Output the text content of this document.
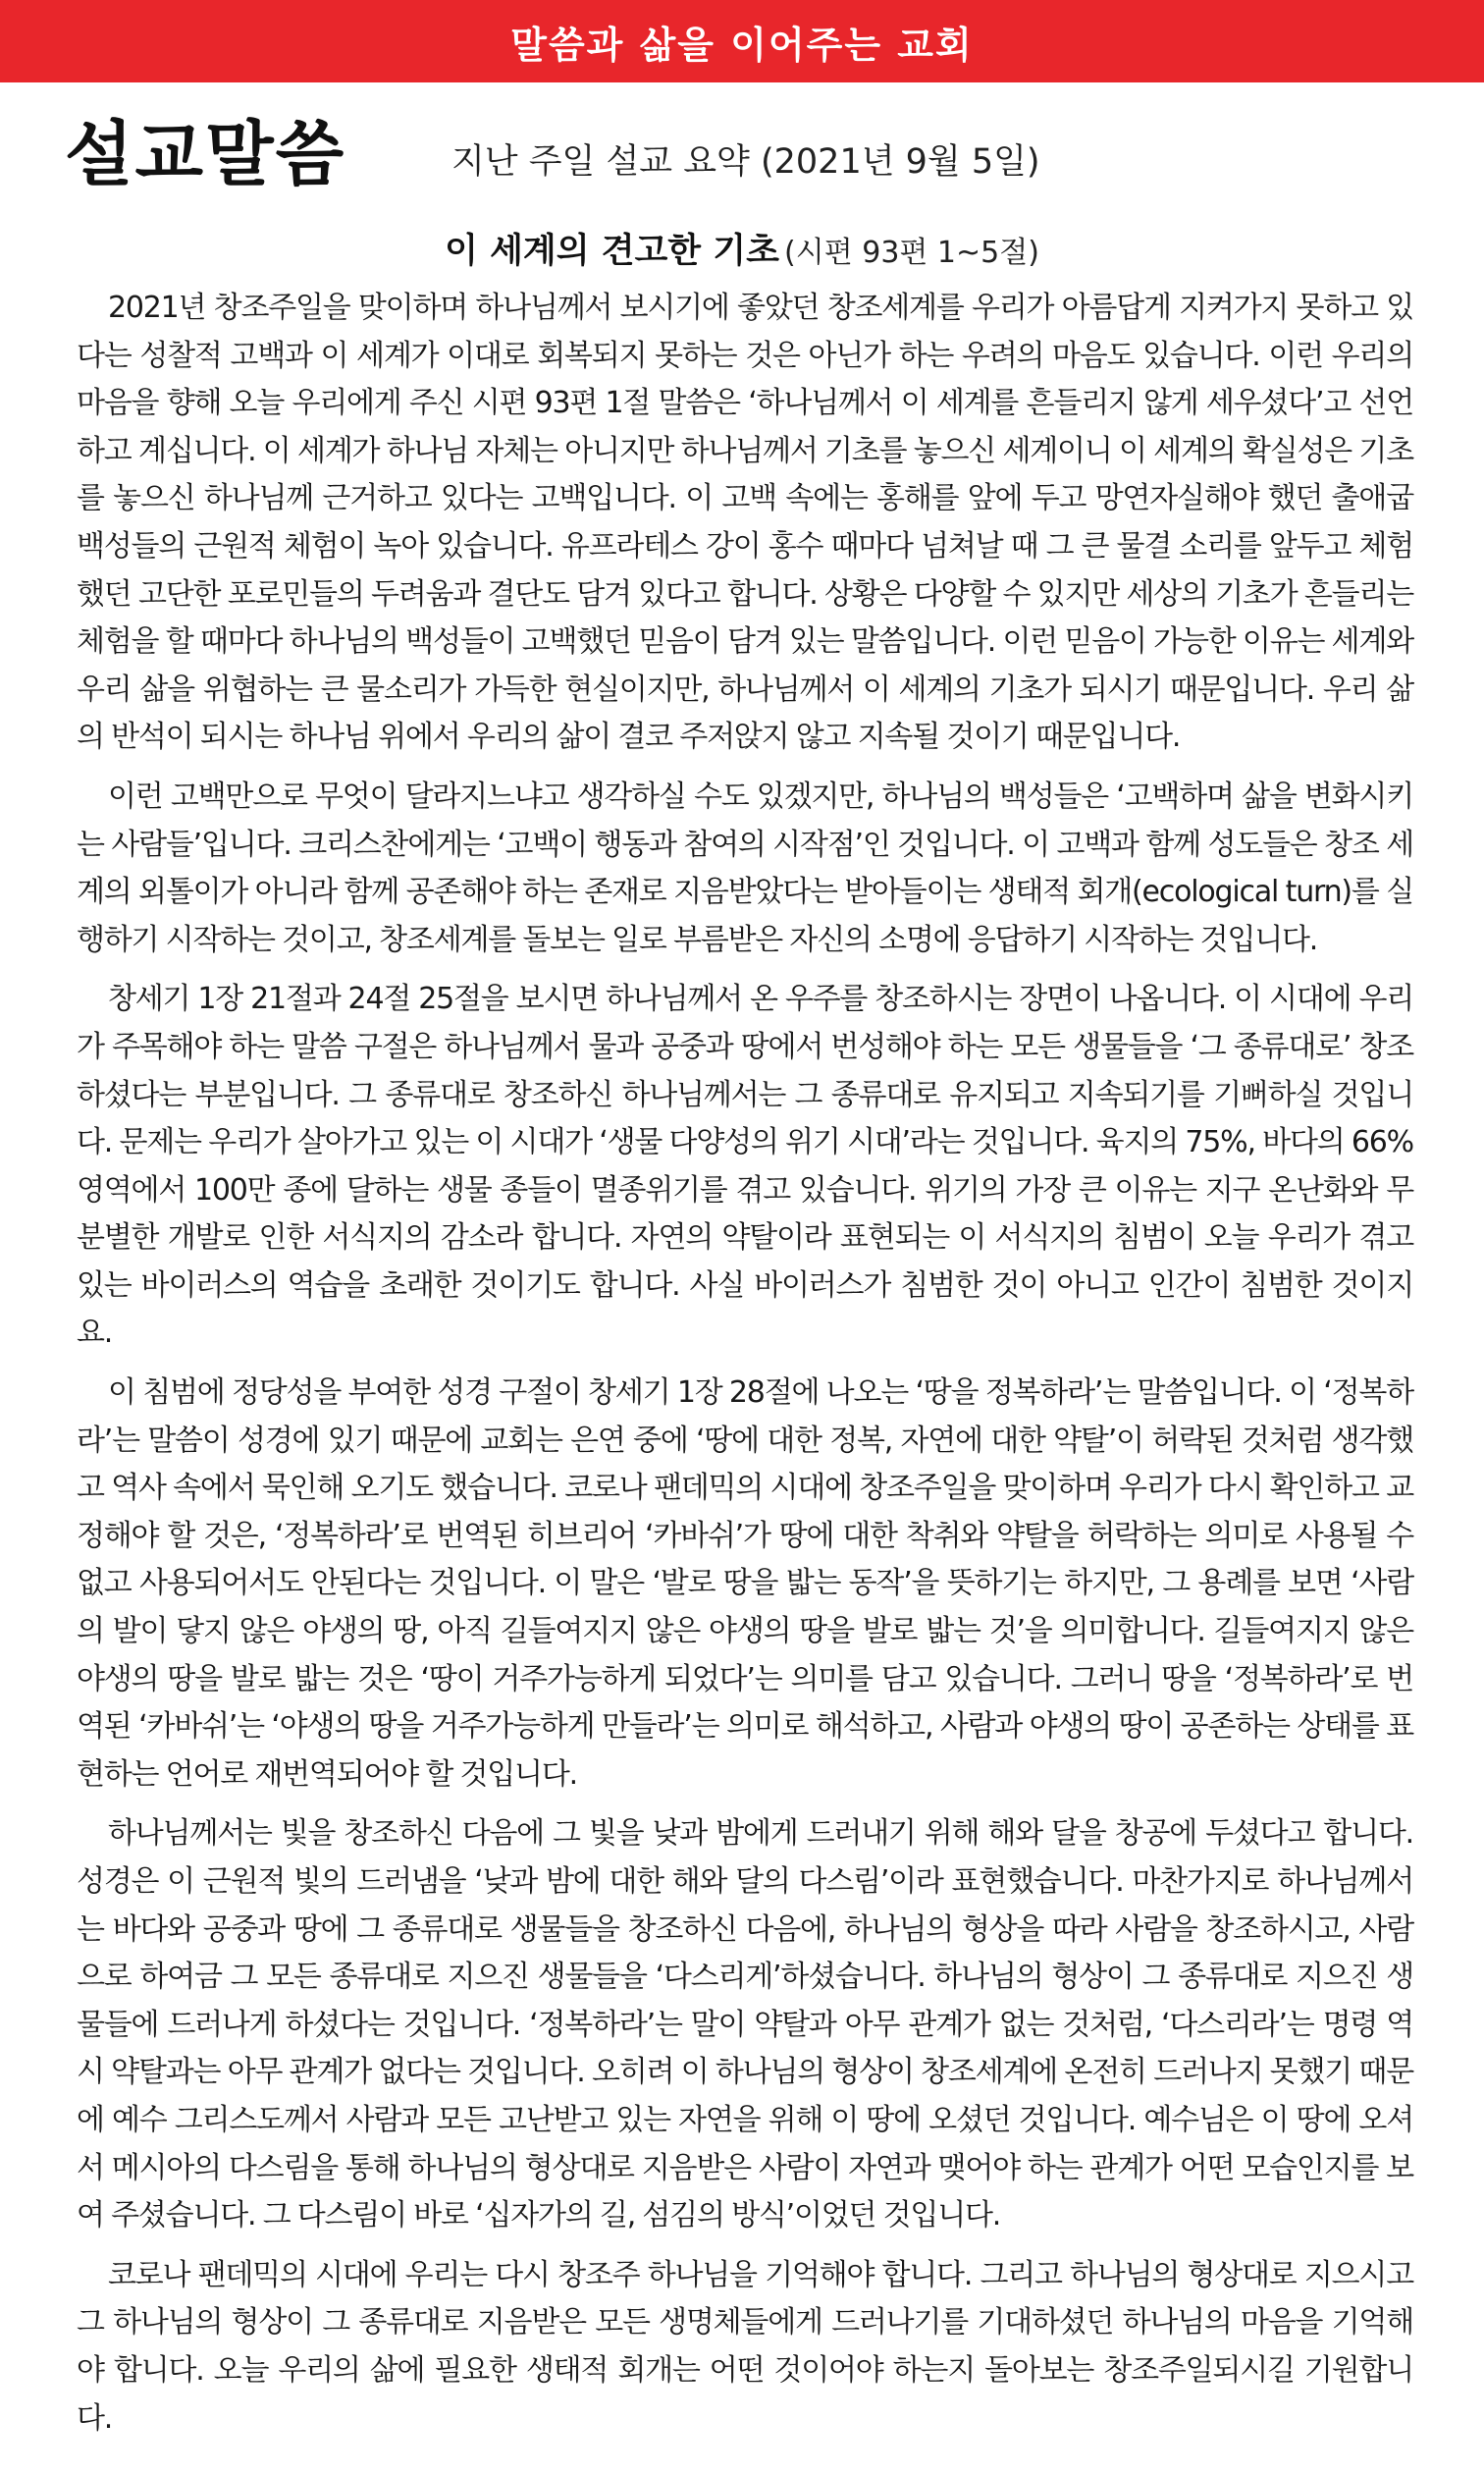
말씀과 삶을 이어주는 교회
설교말씀	지난 주일 설교 요약 (2021년 9월 5일)
이 세계의 견고한 기초 (시편 93편 1~5절)

2021년 창조주일을 맞이하며 하나님께서 보시기에 좋았던 창조세계를 우리가 아름답게 지켜가지 못하고 있다는 성찰적 고백과 이 세계가 이대로 회복되지 못하는 것은 아닌가 하는 우려의 마음도 있습니다. 이런 우리의 마음을 향해 오늘 우리에게 주신 시편 93편 1절 말씀은 ‘하나님께서 이 세계를 흔들리지 않게 세우셨다’고 선언하고 계십니다. 이 세계가 하나님 자체는 아니지만 하나님께서 기초를 놓으신 세계이니 이 세계의 확실성은 기초를 놓으신 하나님께 근거하고 있다는 고백입니다. 이 고백 속에는 홍해를 앞에 두고 망연자실해야 했던 출애굽 백성들의 근원적 체험이 녹아 있습니다. 유프라테스 강이 홍수 때마다 넘쳐날 때 그 큰 물결 소리를 앞두고 체험했던 고단한 포로민들의 두려움과 결단도 담겨 있다고 합니다. 상황은 다양할 수 있지만 세상의 기초가 흔들리는 체험을 할 때마다 하나님의 백성들이 고백했던 믿음이 담겨 있는 말씀입니다. 이런 믿음이 가능한 이유는 세계와 우리 삶을 위협하는 큰 물소리가 가득한 현실이지만, 하나님께서 이 세계의 기초가 되시기 때문입니다. 우리 삶의 반석이 되시는 하나님 위에서 우리의 삶이 결코 주저앉지 않고 지속될 것이기 때문입니다.

이런 고백만으로 무엇이 달라지느냐고 생각하실 수도 있겠지만, 하나님의 백성들은 ‘고백하며 삶을 변화시키는 사람들’입니다. 크리스찬에게는 ‘고백이 행동과 참여의 시작점’인 것입니다. 이 고백과 함께 성도들은 창조 세계의 외톨이가 아니라 함께 공존해야 하는 존재로 지음받았다는 받아들이는 생태적 회개(ecological turn)를 실행하기 시작하는 것이고, 창조세계를 돌보는 일로 부름받은 자신의 소명에 응답하기 시작하는 것입니다.

창세기 1장 21절과 24절 25절을 보시면 하나님께서 온 우주를 창조하시는 장면이 나옵니다. 이 시대에 우리가 주목해야 하는 말씀 구절은 하나님께서 물과 공중과 땅에서 번성해야 하는 모든 생물들을 ‘그 종류대로’ 창조하셨다는 부분입니다. 그 종류대로 창조하신 하나님께서는 그 종류대로 유지되고 지속되기를 기뻐하실 것입니다. 문제는 우리가 살아가고 있는 이 시대가 ‘생물 다양성의 위기 시대’라는 것입니다. 육지의 75%, 바다의 66% 영역에서 100만 종에 달하는 생물 종들이 멸종위기를 겪고 있습니다. 위기의 가장 큰 이유는 지구 온난화와 무분별한 개발로 인한 서식지의 감소라 합니다. 자연의 약탈이라 표현되는 이 서식지의 침범이 오늘 우리가 겪고 있는 바이러스의 역습을 초래한 것이기도 합니다. 사실 바이러스가 침범한 것이 아니고 인간이 침범한 것이지요.

이 침범에 정당성을 부여한 성경 구절이 창세기 1장 28절에 나오는 ‘땅을 정복하라’는 말씀입니다. 이 ‘정복하라’는 말씀이 성경에 있기 때문에 교회는 은연 중에 ‘땅에 대한 정복, 자연에 대한 약탈’이 허락된 것처럼 생각했고 역사 속에서 묵인해 오기도 했습니다. 코로나 팬데믹의 시대에 창조주일을 맞이하며 우리가 다시 확인하고 교정해야 할 것은, ‘정복하라’로 번역된 히브리어 ‘카바쉬’가 땅에 대한 착취와 약탈을 허락하는 의미로 사용될 수 없고 사용되어서도 안된다는 것입니다. 이 말은 ‘발로 땅을 밟는 동작’을 뜻하기는 하지만, 그 용례를 보면 ‘사람의 발이 닿지 않은 야생의 땅, 아직 길들여지지 않은 야생의 땅을 발로 밟는 것’을 의미합니다. 길들여지지 않은 야생의 땅을 발로 밟는 것은 ‘땅이 거주가능하게 되었다’는 의미를 담고 있습니다. 그러니 땅을 ‘정복하라’로 번역된 ‘카바쉬’는 ‘야생의 땅을 거주가능하게 만들라’는 의미로 해석하고, 사람과 야생의 땅이 공존하는 상태를 표현하는 언어로 재번역되어야 할 것입니다.

하나님께서는 빛을 창조하신 다음에 그 빛을 낮과 밤에게 드러내기 위해 해와 달을 창공에 두셨다고 합니다. 성경은 이 근원적 빛의 드러냄을 ‘낮과 밤에 대한 해와 달의 다스림’이라 표현했습니다. 마찬가지로 하나님께서는 바다와 공중과 땅에 그 종류대로 생물들을 창조하신 다음에, 하나님의 형상을 따라 사람을 창조하시고, 사람으로 하여금 그 모든 종류대로 지으진 생물들을 ‘다스리게’하셨습니다. 하나님의 형상이 그 종류대로 지으진 생물들에 드러나게 하셨다는 것입니다. ‘정복하라’는 말이 약탈과 아무 관계가 없는 것처럼, ‘다스리라’는 명령 역시 약탈과는 아무 관계가 없다는 것입니다. 오히려 이 하나님의 형상이 창조세계에 온전히 드러나지 못했기 때문에 예수 그리스도께서 사람과 모든 고난받고 있는 자연을 위해 이 땅에 오셨던 것입니다. 예수님은 이 땅에 오셔서 메시아의 다스림을 통해 하나님의 형상대로 지음받은 사람이 자연과 맺어야 하는 관계가 어떤 모습인지를 보여 주셨습니다. 그 다스림이 바로 ‘십자가의 길, 섬김의 방식’이었던 것입니다.

코로나 팬데믹의 시대에 우리는 다시 창조주 하나님을 기억해야 합니다. 그리고 하나님의 형상대로 지으시고 그 하나님의 형상이 그 종류대로 지음받은 모든 생명체들에게 드러나기를 기대하셨던 하나님의 마음을 기억해야 합니다. 오늘 우리의 삶에 필요한 생태적 회개는 어떤 것이어야 하는지 돌아보는 창조주일되시길 기원합니다.
